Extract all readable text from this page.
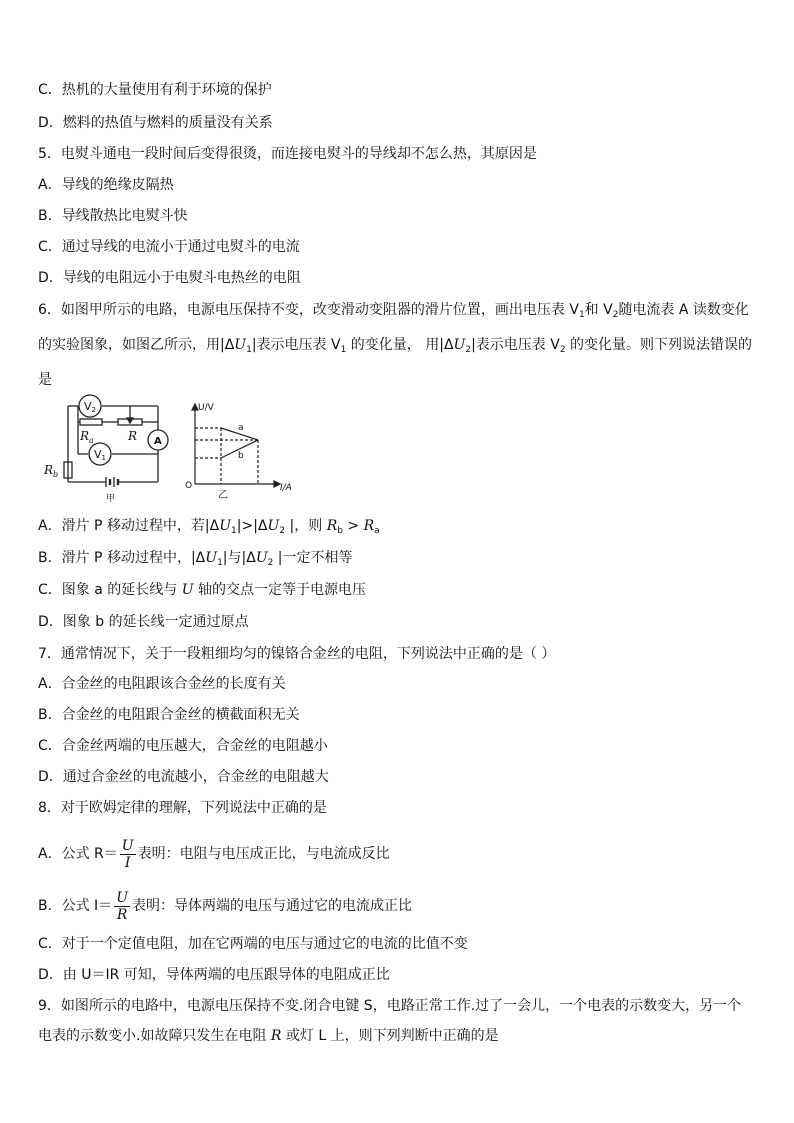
C．热机的大量使用有利于环境的保护
D．燃料的热值与燃料的质量没有关系
5．电熨斗通电一段时间后变得很烫，而连接电熨斗的导线却不怎么热，其原因是
A．导线的绝缘皮隔热
B．导线散热比电熨斗快
C．通过导线的电流小于通过电熨斗的电流
D．导线的电阻远小于电熨斗电热丝的电阻
6．如图甲所示的电路，电源电压保持不变，改变滑动变阻器的滑片位置，画出电压表 $V_1$和 $V_2$随电流表 A 读数变化的实验图象，如图乙所示，用$|\Delta U_1|$表示电压表 $V_1$ 的变化量， 用$|\Delta U_2|$表示电压表 $V_2$ 的变化量。则下列说法错误的是
V2
V1
A
$R_a$	R
$R_b$
甲
U/V
I/A
O
a
b
乙
A．滑片 P 移动过程中，若$|\Delta U_1|>|\Delta U_2$ |，则 $R_b > R_a$
B．滑片 P 移动过程中，$|\Delta U_1|$与$|\Delta U_2$ |一定不相等
C．图象 a 的延长线与 U 轴的交点一定等于电源电压
D．图象 b 的延长线一定通过原点
7．通常情况下，关于一段粗细均匀的镍铬合金丝的电阻，下列说法中正确的是（ ）
A．合金丝的电阻跟该合金丝的长度有关
B．合金丝的电阻跟合金丝的横截面积无关
C．合金丝两端的电压越大，合金丝的电阻越小
D．通过合金丝的电流越小，合金丝的电阻越大
8．对于欧姆定律的理解，下列说法中正确的是
A．公式 $R= \frac{U}{I}$ 表明：电阻与电压成正比，与电流成反比
B．公式 $I= \frac{U}{R}$ 表明：导体两端的电压与通过它的电流成正比
C．对于一个定值电阻，加在它两端的电压与通过它的电流的比值不变
D．由 U＝IR 可知，导体两端的电压跟导体的电阻成正比
9．如图所示的电路中，电源电压保持不变.闭合电键 S，电路正常工作.过了一会儿，一个电表的示数变大，另一个电表的示数变小.如故障只发生在电阻 R 或灯 L 上，则下列判断中正确的是
